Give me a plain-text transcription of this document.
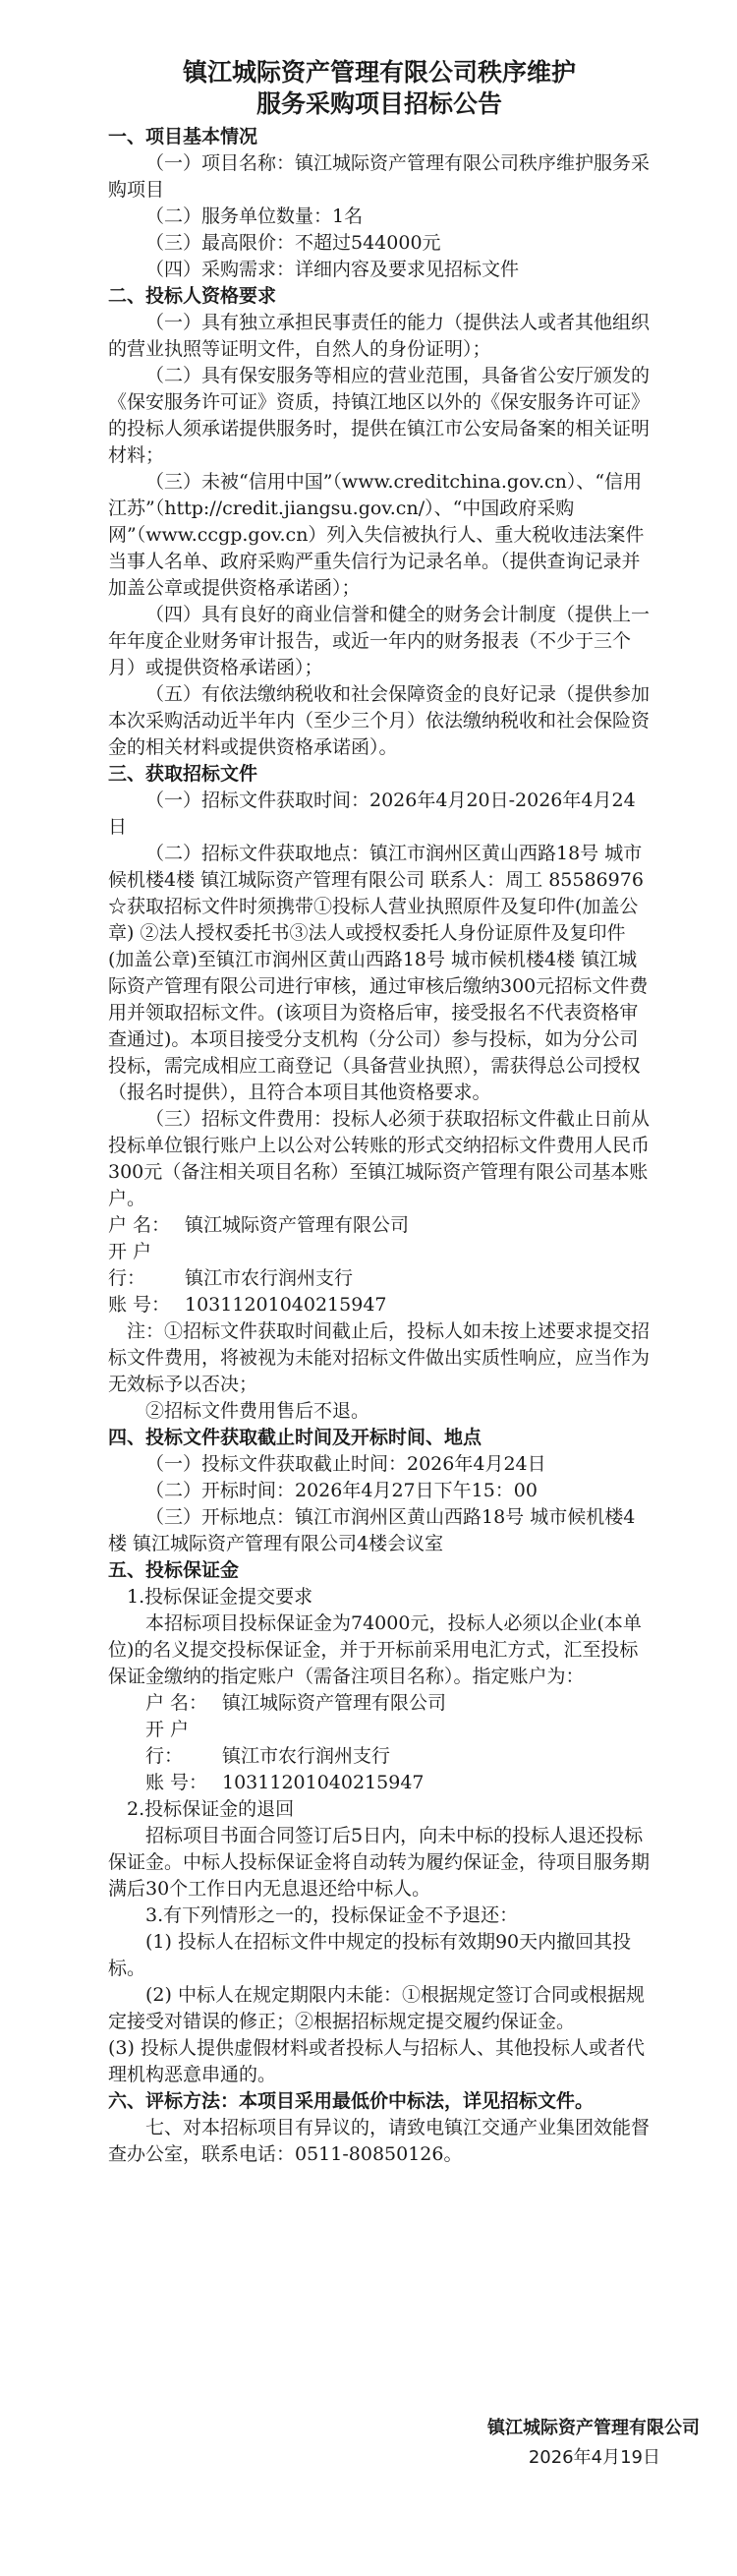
镇江城际资产管理有限公司秩序维护
服务采购项目招标公告

一、项目基本情况

（一）项目名称：镇江城际资产管理有限公司秩序维护服务采购项目

（二）服务单位数量：1名

（三）最高限价：不超过544000元

（四）采购需求：详细内容及要求见招标文件

二、投标人资格要求

（一）具有独立承担民事责任的能力（提供法人或者其他组织的营业执照等证明文件，自然人的身份证明）；

（二）具有保安服务等相应的营业范围，具备省公安厅颁发的《保安服务许可证》资质，持镇江地区以外的《保安服务许可证》的投标人须承诺提供服务时，提供在镇江市公安局备案的相关证明材料；

（三）未被“信用中国”（www.creditchina.gov.cn）、“信用江苏”（http://credit.jiangsu.gov.cn/）、“中国政府采购网”（www.ccgp.gov.cn）列入失信被执行人、重大税收违法案件当事人名单、政府采购严重失信行为记录名单。（提供查询记录并加盖公章或提供资格承诺函）；

（四）具有良好的商业信誉和健全的财务会计制度（提供上一年年度企业财务审计报告，或近一年内的财务报表（不少于三个月）或提供资格承诺函）；

（五）有依法缴纳税收和社会保障资金的良好记录（提供参加本次采购活动近半年内（至少三个月）依法缴纳税收和社会保险资金的相关材料或提供资格承诺函）。

三、获取招标文件

（一）招标文件获取时间：2026年4月20日-2026年4月24日

（二）招标文件获取地点：镇江市润州区黄山西路18号 城市候机楼4楼 镇江城际资产管理有限公司 联系人：周工 85586976

☆获取招标文件时须携带①投标人营业执照原件及复印件(加盖公章) ②法人授权委托书③法人或授权委托人身份证原件及复印件(加盖公章)至镇江市润州区黄山西路18号 城市候机楼4楼 镇江城际资产管理有限公司进行审核，通过审核后缴纳300元招标文件费用并领取招标文件。(该项目为资格后审，接受报名不代表资格审查通过)。本项目接受分支机构（分公司）参与投标，如为分公司投标，需完成相应工商登记（具备营业执照），需获得总公司授权（报名时提供），且符合本项目其他资格要求。

（三）招标文件费用：投标人必须于获取招标文件截止日前从投标单位银行账户上以公对公转账的形式交纳招标文件费用人民币300元（备注相关项目名称）至镇江城际资产管理有限公司基本账户。

户 名： 镇江城际资产管理有限公司

开 户 行： 镇江市农行润州支行

账 号： 10311201040215947

注：①招标文件获取时间截止后，投标人如未按上述要求提交招标文件费用，将被视为未能对招标文件做出实质性响应，应当作为无效标予以否决；

②招标文件费用售后不退。

四、投标文件获取截止时间及开标时间、地点

（一）投标文件获取截止时间：2026年4月24日

（二）开标时间：2026年4月27日下午15：00

（三）开标地点：镇江市润州区黄山西路18号 城市候机楼4楼 镇江城际资产管理有限公司4楼会议室

五、投标保证金

1.投标保证金提交要求

本招标项目投标保证金为74000元，投标人必须以企业(本单位)的名义提交投标保证金，并于开标前采用电汇方式，汇至投标保证金缴纳的指定账户（需备注项目名称）。指定账户为：

户 名： 镇江城际资产管理有限公司

开 户 行： 镇江市农行润州支行

账 号： 10311201040215947

2.投标保证金的退回

招标项目书面合同签订后5日内，向未中标的投标人退还投标保证金。中标人投标保证金将自动转为履约保证金，待项目服务期满后30个工作日内无息退还给中标人。

3.有下列情形之一的，投标保证金不予退还：

(1) 投标人在招标文件中规定的投标有效期90天内撤回其投标。

(2) 中标人在规定期限内未能：①根据规定签订合同或根据规定接受对错误的修正；②根据招标规定提交履约保证金。

(3) 投标人提供虚假材料或者投标人与招标人、其他投标人或者代理机构恶意串通的。

六、评标方法：本项目采用最低价中标法，详见招标文件。

七、对本招标项目有异议的，请致电镇江交通产业集团效能督查办公室，联系电话：0511-80850126。

镇江城际资产管理有限公司
2026年4月19日
